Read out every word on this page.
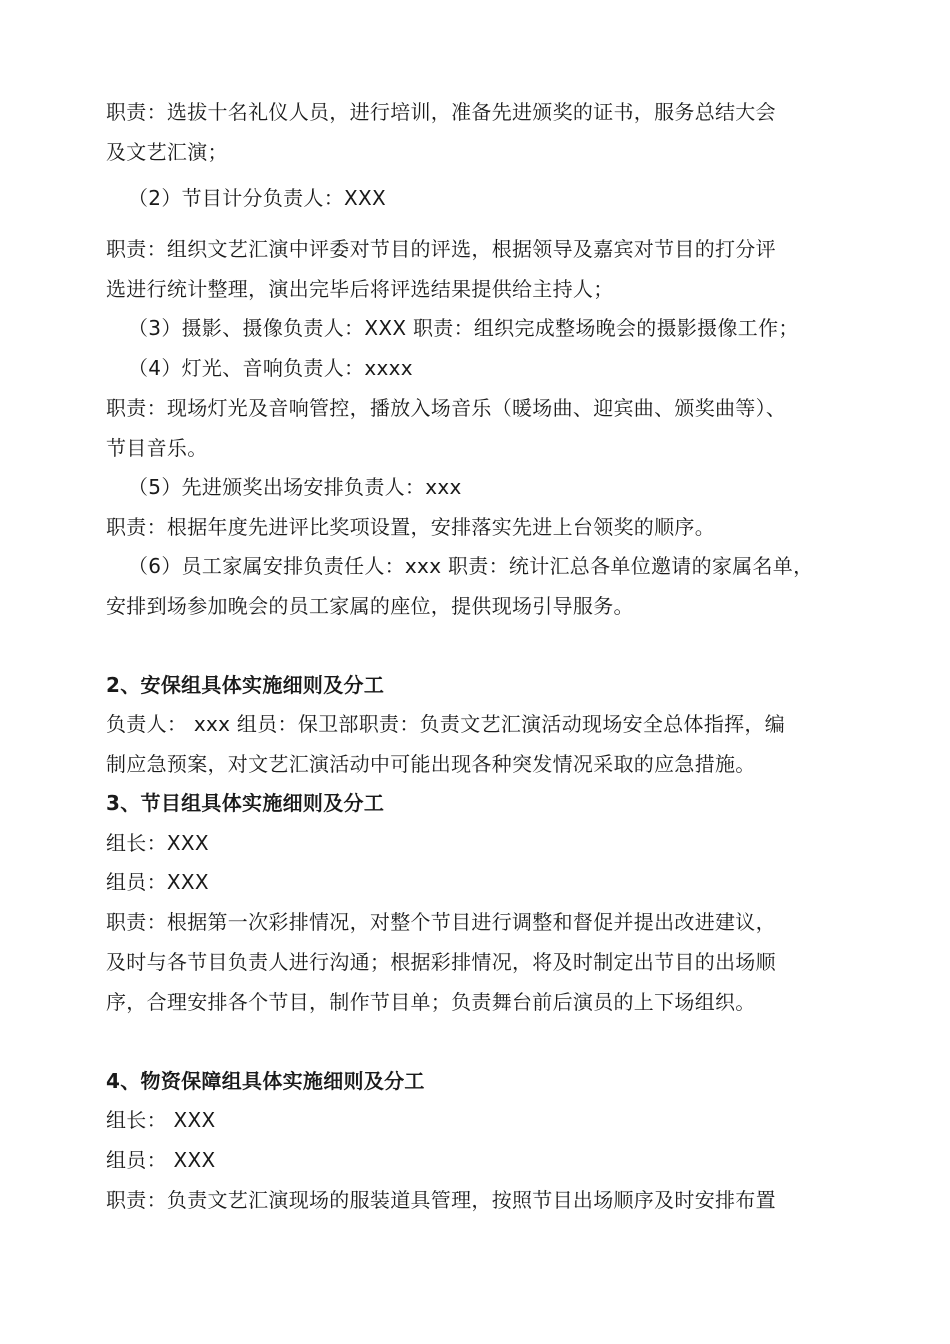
职责：选拔十名礼仪人员，进行培训，准备先进颁奖的证书，服务总结大会
及文艺汇演；
（2）节目计分负责人：XXX
职责：组织文艺汇演中评委对节目的评选，根据领导及嘉宾对节目的打分评
选进行统计整理，演出完毕后将评选结果提供给主持人；
（3）摄影、摄像负责人：XXX 职责：组织完成整场晚会的摄影摄像工作；
（4）灯光、音响负责人：xxxx
职责：现场灯光及音响管控，播放入场音乐（暖场曲、迎宾曲、颁奖曲等）、
节目音乐。
（5）先进颁奖出场安排负责人：xxx
职责：根据年度先进评比奖项设置，安排落实先进上台领奖的顺序。
（6）员工家属安排负责任人：xxx 职责：统计汇总各单位邀请的家属名单，
安排到场参加晚会的员工家属的座位，提供现场引导服务。
2、安保组具体实施细则及分工
负责人： xxx 组员：保卫部职责：负责文艺汇演活动现场安全总体指挥，编
制应急预案，对文艺汇演活动中可能出现各种突发情况采取的应急措施。
3、节目组具体实施细则及分工
组长：XXX
组员：XXX
职责：根据第一次彩排情况，对整个节目进行调整和督促并提出改进建议，
及时与各节目负责人进行沟通；根据彩排情况，将及时制定出节目的出场顺
序，合理安排各个节目，制作节目单；负责舞台前后演员的上下场组织。
4、物资保障组具体实施细则及分工
组长： XXX
组员： XXX
职责：负责文艺汇演现场的服装道具管理，按照节目出场顺序及时安排布置
